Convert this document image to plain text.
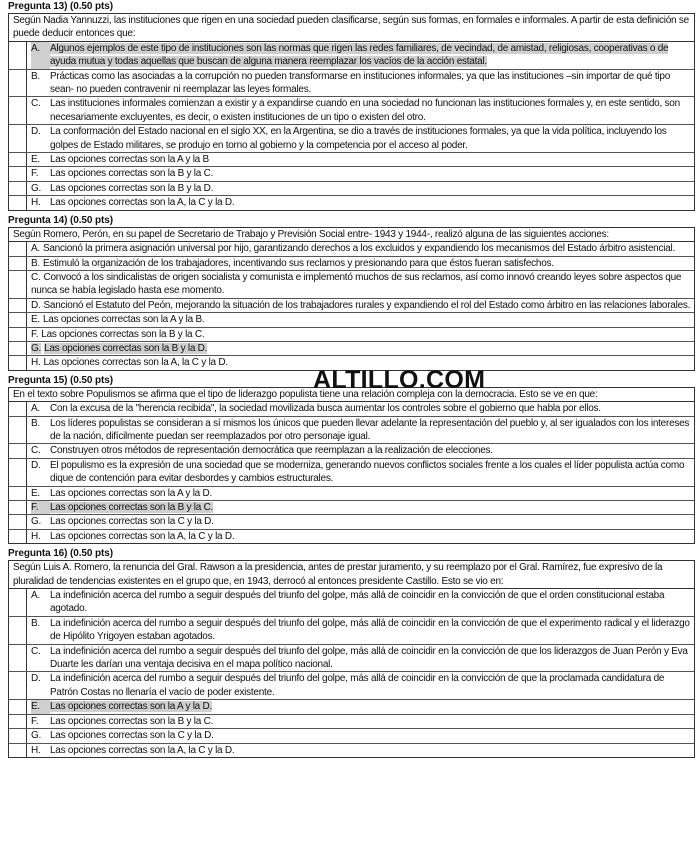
Pregunta 13) (0.50 pts)
Según Nadia Yannuzzi, las instituciones que rigen en una sociedad pueden clasificarse, según sus formas, en formales e informales. A partir de esta definición se puede deducir entonces que:
A.	Algunos ejemplos de este tipo de instituciones son las normas que rigen las redes familiares, de vecindad, de amistad, religiosas, cooperativas o de ayuda mutua y todas aquellas que buscan de alguna manera reemplazar los vacíos de la acción estatal.
B.	Prácticas como las asociadas a la corrupción no pueden transformarse en instituciones informales, ya que las instituciones –sin importar de qué tipo sean- no pueden contravenir ni reemplazar las leyes formales.
C. Las instituciones informales comienzan a existir y a expandirse cuando en una sociedad no funcionan las instituciones formales y, en este sentido, son necesariamente excluyentes, es decir, o existen instituciones de un tipo o existen del otro.
D. La conformación del Estado nacional en el siglo XX, en la Argentina, se dio a través de instituciones formales, ya que la vida política, incluyendo los golpes de Estado militares, se produjo en torno al gobierno y la competencia por el acceso al poder.
E.	Las opciones correctas son la A y la B
F.	Las opciones correctas son la B y la C.
G. Las opciones correctas son la B y la D.
H. Las opciones correctas son la A, la C y la D.
Pregunta 14) (0.50 pts)
Según Romero, Perón, en su papel de Secretario de Trabajo y Previsión Social entre- 1943 y 1944-, realizó alguna de las siguientes acciones:
A. Sancionó la primera asignación universal por hijo, garantizando derechos a los excluidos y expandiendo los mecanismos del Estado árbitro asistencial.
B. Estimuló la organización de los trabajadores, incentivando sus reclamos y presionando para que éstos fueran satisfechos.
C. Convocó a los sindicalistas de origen socialista y comunista e implementó muchos de sus reclamos, así como innovó creando leyes sobre aspectos que nunca se había legislado hasta ese momento.
D. Sancionó el Estatuto del Peón, mejorando la situación de los trabajadores rurales y expandiendo el rol del Estado como árbitro en las relaciones laborales.
E. Las opciones correctas son la A y la B.
F. Las opciones correctas son la B y la C.
G. Las opciones correctas son la B y la D.
H. Las opciones correctas son la A, la C y la D.
Pregunta 15) (0.50 pts)
En el texto sobre Populismos se afirma que el tipo de liderazgo populista tiene una relación compleja con la democracia. Esto se ve en que:
A.	Con la excusa de la "herencia recibida", la sociedad movilizada busca aumentar los controles sobre el gobierno que habla por ellos.
B.	Los líderes populistas se consideran a sí mismos los únicos que pueden llevar adelante la representación del pueblo y, al ser igualados con los intereses de la nación, difícilmente puedan ser reemplazados por otro personaje igual.
C. Construyen otros métodos de representación democrática que reemplazan a la realización de elecciones.
D. El populismo es la expresión de una sociedad que se moderniza, generando nuevos conflictos sociales frente a los cuales el líder populista actúa como dique de contención para evitar desbordes y cambios estructurales.
E.	Las opciones correctas son la A y la D.
F.	Las opciones correctas son la B y la C.
G. Las opciones correctas son la C y la D.
H. Las opciones correctas son la A, la C y la D.
Pregunta 16) (0.50 pts)
Según Luis A. Romero, la renuncia del Gral. Rawson a la presidencia, antes de prestar juramento, y su reemplazo por el Gral. Ramírez, fue expresivo de la pluralidad de tendencias existentes en el grupo que, en 1943, derrocó al entonces presidente Castillo. Esto se vio en:
A.	La indefinición acerca del rumbo a seguir después del triunfo del golpe, más allá de coincidir en la convicción de que el orden constitucional estaba agotado.
B.	La indefinición acerca del rumbo a seguir después del triunfo del golpe, más allá de coincidir en la convicción de que el experimento radical y el liderazgo de Hipólito Yrigoyen estaban agotados.
C. La indefinición acerca del rumbo a seguir después del triunfo del golpe, más allá de coincidir en la convicción de que los liderazgos de Juan Perón y Eva Duarte les darían una ventaja decisiva en el mapa político nacional.
D. La indefinición acerca del rumbo a seguir después del triunfo del golpe, más allá de coincidir en la convicción de que la proclamada candidatura de Patrón Costas no llenaría el vacío de poder existente.
E.	Las opciones correctas son la A y la D.
F.	Las opciones correctas son la B y la C.
G. Las opciones correctas son la C y la D.
H. Las opciones correctas son la A, la C y la D.
ALTILLO.COM
